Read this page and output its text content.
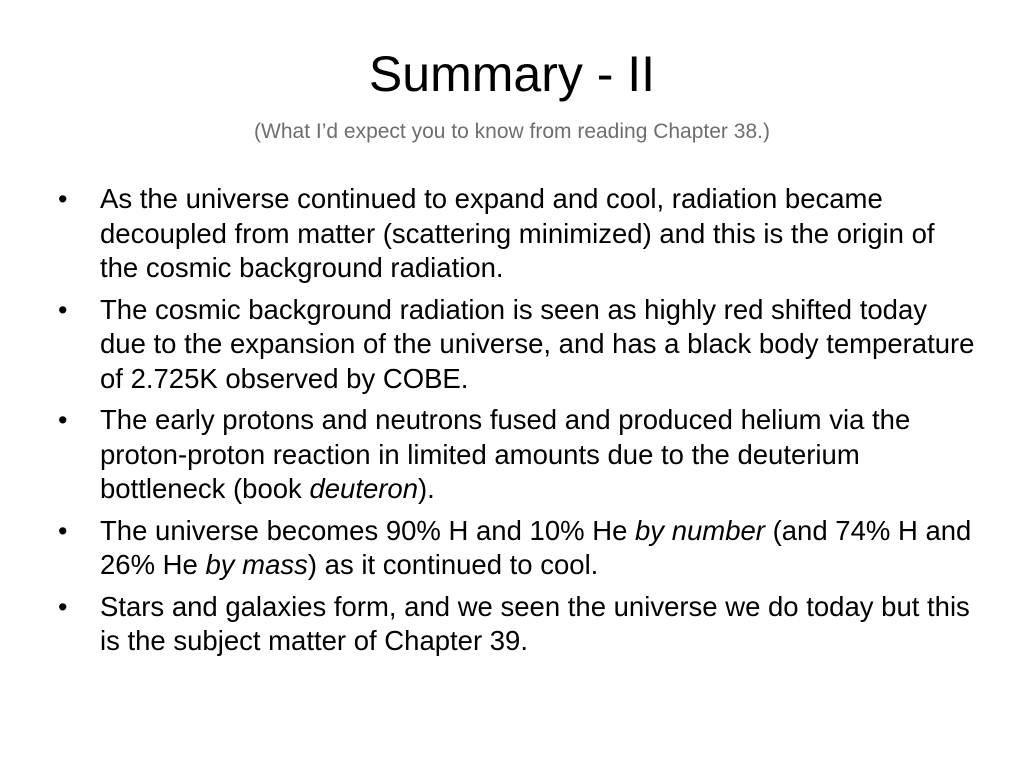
Summary - II
(What I’d expect you to know from reading Chapter 38.)
• As the universe continued to expand and cool, radiation became decoupled from matter (scattering minimized) and this is the origin of the cosmic background radiation.
• The cosmic background radiation is seen as highly red shifted today due to the expansion of the universe, and has a black body temperature of 2.725K observed by COBE.
• The early protons and neutrons fused and produced helium via the proton-proton reaction in limited amounts due to the deuterium bottleneck (book deuteron).
• The universe becomes 90% H and 10% He by number (and 74% H and 26% He by mass) as it continued to cool.
• Stars and galaxies form, and we seen the universe we do today but this is the subject matter of Chapter 39.
